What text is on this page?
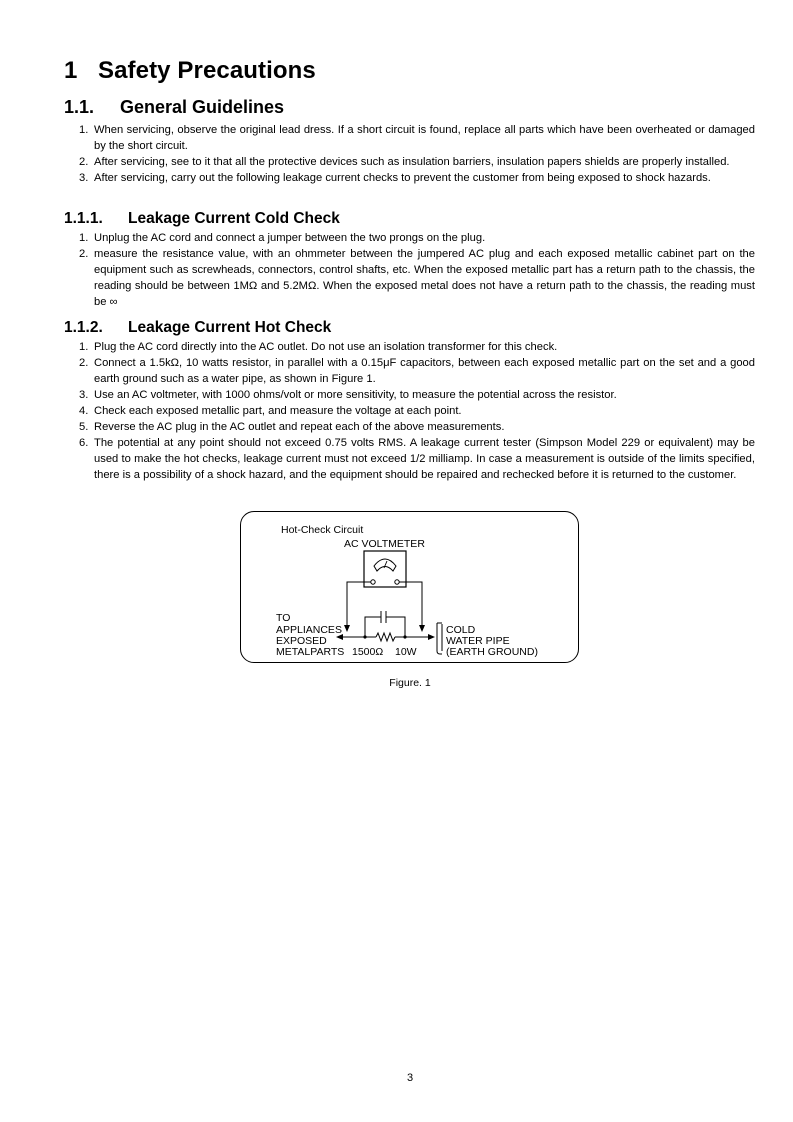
1 Safety Precautions
1.1. General Guidelines
1. When servicing, observe the original lead dress. If a short circuit is found, replace all parts which have been overheated or damaged by the short circuit.
2. After servicing, see to it that all the protective devices such as insulation barriers, insulation papers shields are properly installed.
3. After servicing, carry out the following leakage current checks to prevent the customer from being exposed to shock hazards.
1.1.1. Leakage Current Cold Check
1. Unplug the AC cord and connect a jumper between the two prongs on the plug.
2. measure the resistance value, with an ohmmeter between the jumpered AC plug and each exposed metallic cabinet part on the equipment such as screwheads, connectors, control shafts, etc. When the exposed metallic part has a return path to the chassis, the reading should be between 1MΩ and 5.2MΩ. When the exposed metal does not have a return path to the chassis, the reading must be ∞
1.1.2. Leakage Current Hot Check
1. Plug the AC cord directly into the AC outlet. Do not use an isolation transformer for this check.
2. Connect a 1.5kΩ, 10 watts resistor, in parallel with a 0.15μF capacitors, between each exposed metallic part on the set and a good earth ground such as a water pipe, as shown in Figure 1.
3. Use an AC voltmeter, with 1000 ohms/volt or more sensitivity, to measure the potential across the resistor.
4. Check each exposed metallic part, and measure the voltage at each point.
5. Reverse the AC plug in the AC outlet and repeat each of the above measurements.
6. The potential at any point should not exceed 0.75 volts RMS. A leakage current tester (Simpson Model 229 or equivalent) may be used to make the hot checks, leakage current must not exceed 1/2 milliamp. In case a measurement is outside of the limits specified, there is a possibility of a shock hazard, and the equipment should be repaired and rechecked before it is returned to the customer.
Hot-Check Circuit
AC VOLTMETER
TO
APPLIANCES
EXPOSED
METALPARTS 1500Ω 10W
COLD
WATER PIPE
(EARTH GROUND)
Figure. 1
3
